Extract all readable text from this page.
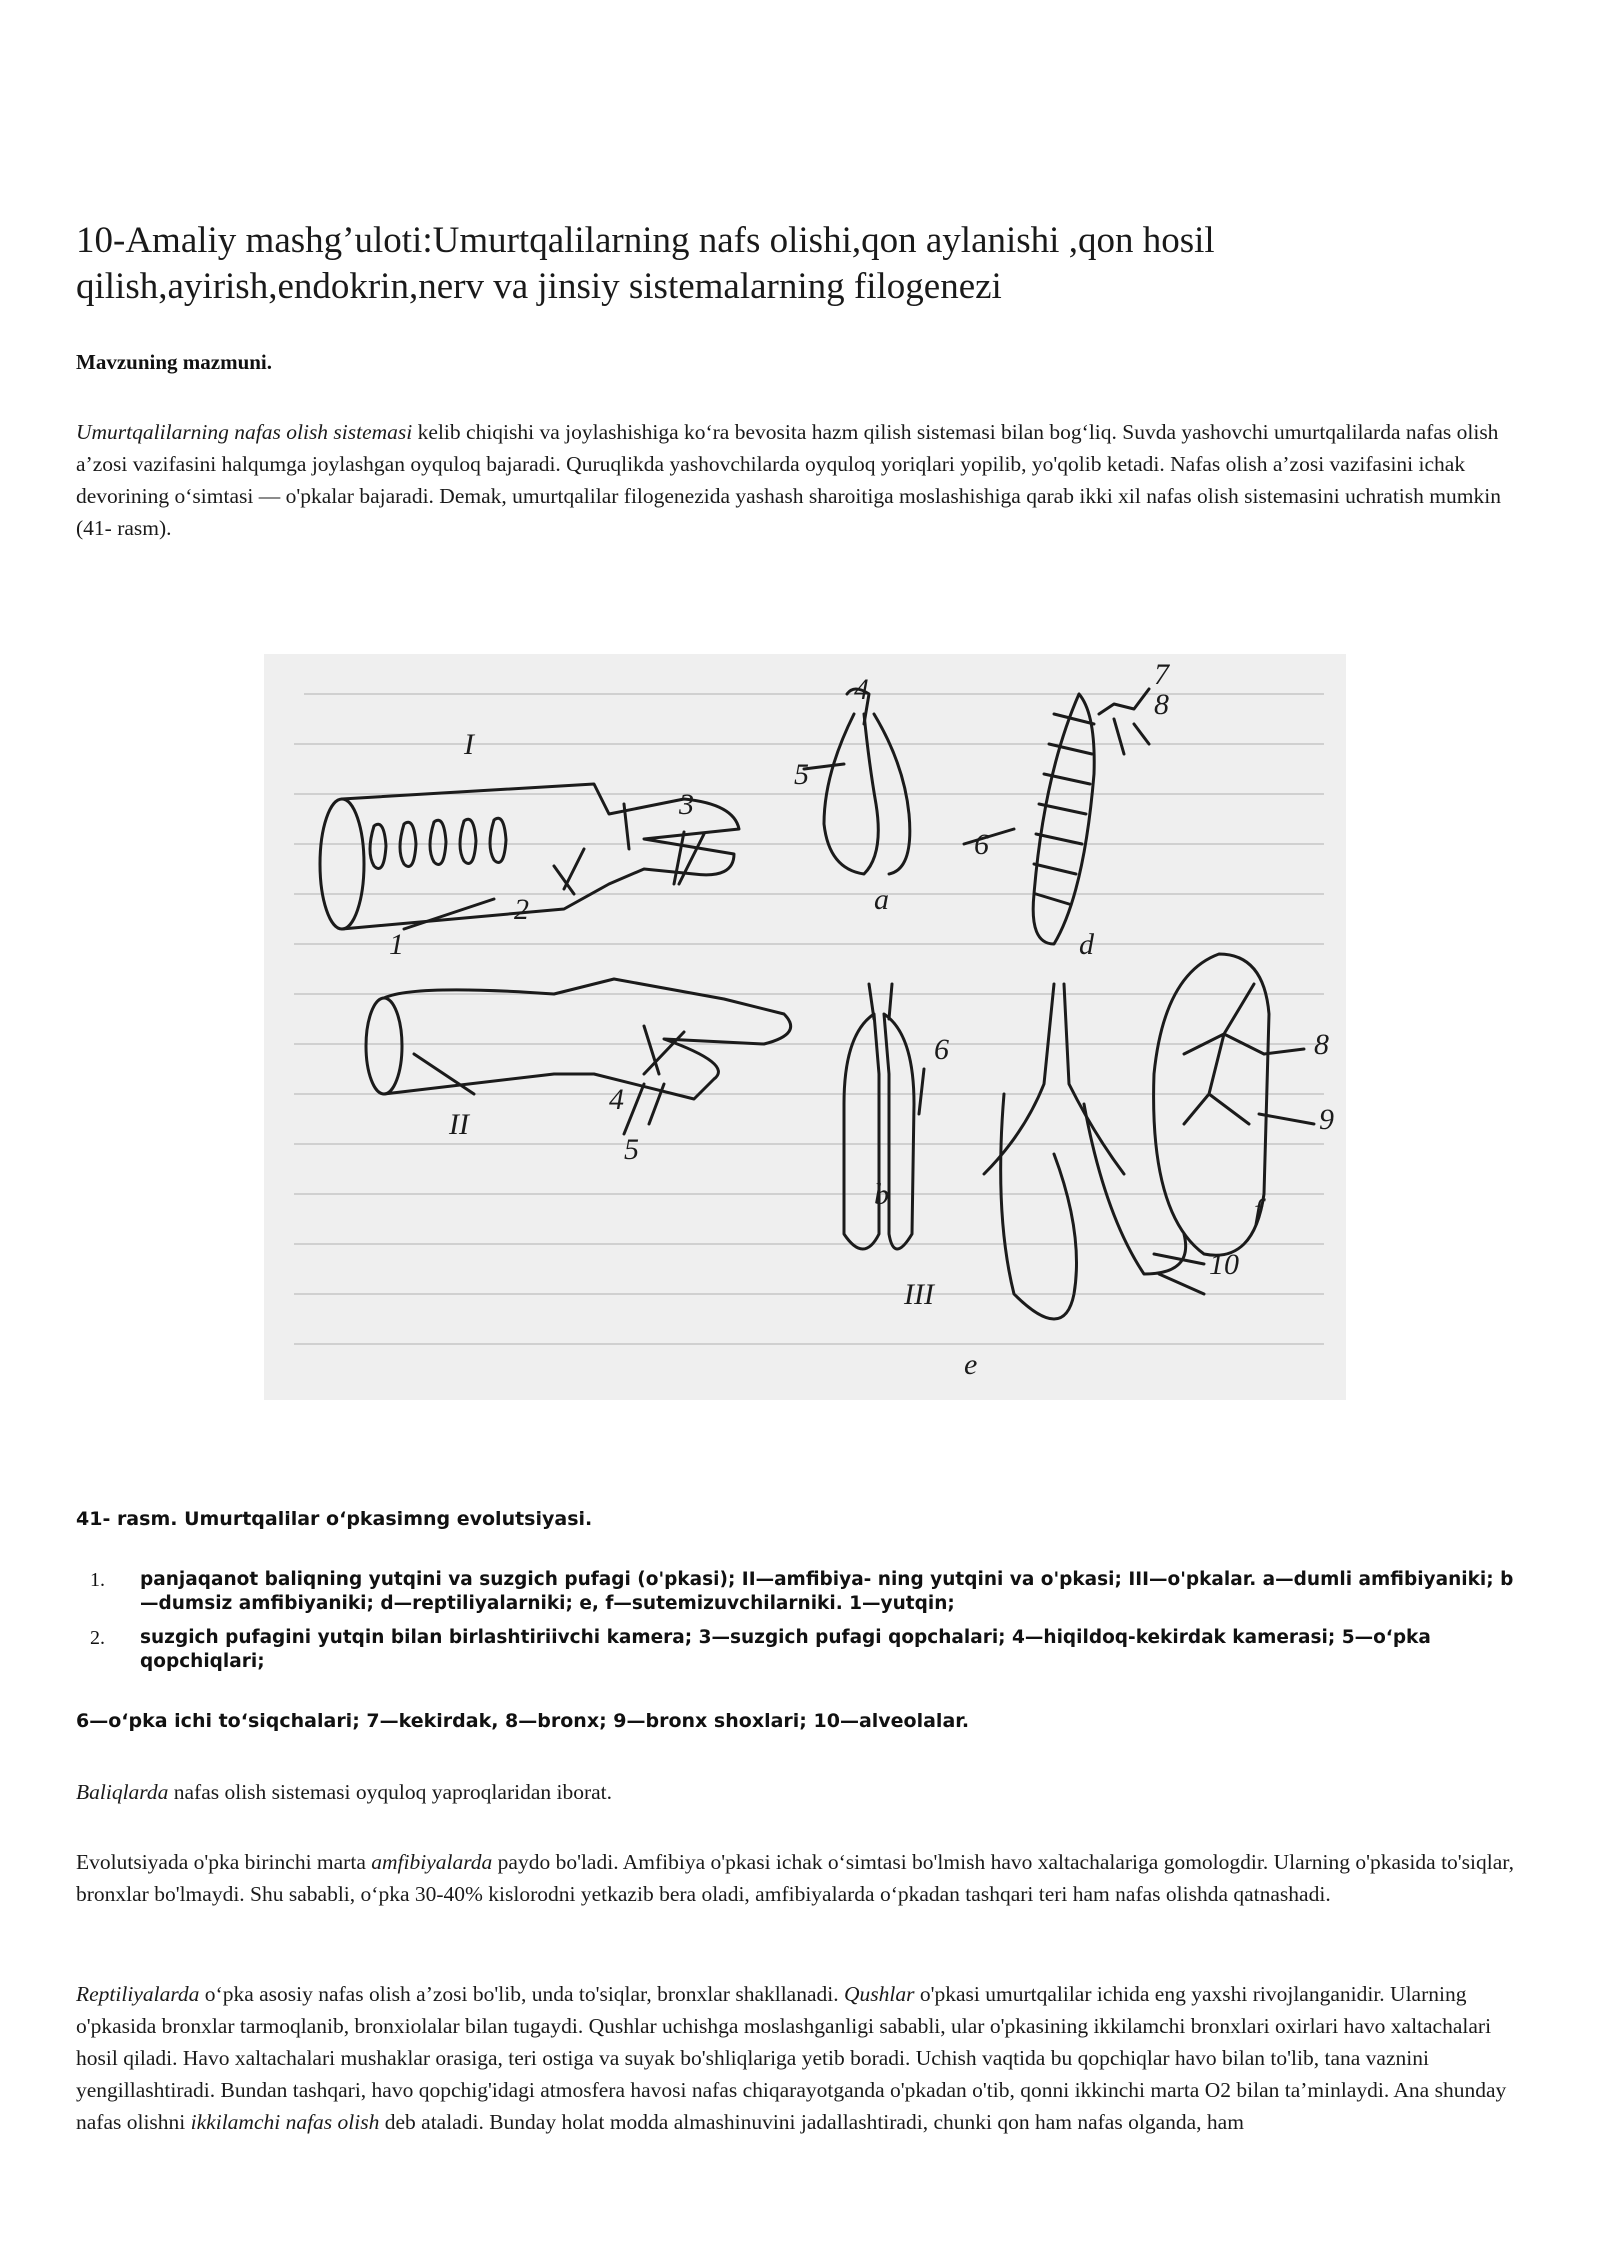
10-Amaliy mashg’uloti:Umurtqalilarning nafs olishi,qon aylanishi ,qon hosil qilish,ayirish,endokrin,nerv va jinsiy sistemalarning filogenezi
Mavzuning mazmuni.

Umurtqalilarning nafas olish sistemasi kelib chiqishi va joylashishiga ko‘ra bevosita hazm qilish sistemasi bilan bog‘liq. Suvda yashovchi umurtqalilarda nafas olish a’zosi vazifasini halqumga joylashgan oyquloq bajaradi. Quruqlikda yashovchilarda oyquloq yoriqlari yopilib, yo'qolib ketadi. Nafas olish a’zosi vazifasini ichak devorining o‘simtasi — o'pkalar bajaradi. Demak, umurtqalilar filogenezida yashash sharoitiga moslashishiga qarab ikki xil nafas olish sistemasini uchratish mumkin (41- rasm).

I
II
III
1
2
3
4
4
5
5
6
6
7
8
8
9
10
a
b
d
e
f

41- rasm. Umurtqalilar o‘pkasimng evolutsiyasi.

1. panjaqanot baliqning yutqini va suzgich pufagi (o'pkasi); II—amfibiya- ning yutqini va o'pkasi; III—o'pkalar. a—dumli amfibiyaniki; b—dumsiz amfibiyaniki; d—reptiliyalarniki; e, f—sutemizuvchilarniki. 1—yutqin;
2. suzgich pufagini yutqin bilan birlashtiriivchi kamera; 3—suzgich pufagi qopchalari; 4—hiqildoq-kekirdak kamerasi; 5—o‘pka qopchiqlari;

6—o‘pka ichi to‘siqchalari; 7—kekirdak, 8—bronx; 9—bronx shoxlari; 10—alveolalar.

Baliqlarda nafas olish sistemasi oyquloq yaproqlaridan iborat.

Evolutsiyada o'pka birinchi marta amfibiyalarda paydo bo'ladi. Amfibiya o'pkasi ichak o‘simtasi bo'lmish havo xaltachalariga gomologdir. Ularning o'pkasida to'siqlar, bronxlar bo'lmaydi. Shu sababli, o‘pka 30-40% kislorodni yetkazib bera oladi, amfibiyalarda o‘pkadan tashqari teri ham nafas olishda qatnashadi.

Reptiliyalarda o‘pka asosiy nafas olish a’zosi bo'lib, unda to'siqlar, bronxlar shakllanadi. Qushlar o'pkasi umurtqalilar ichida eng yaxshi rivojlanganidir. Ularning o'pkasida bronxlar tarmoqlanib, bronxiolalar bilan tugaydi. Qushlar uchishga moslashganligi sababli, ular o'pkasining ikkilamchi bronxlari oxirlari havo xaltachalari hosil qiladi. Havo xaltachalari mushaklar orasiga, teri ostiga va suyak bo'shliqlariga yetib boradi. Uchish vaqtida bu qopchiqlar havo bilan to'lib, tana vaznini yengillashtiradi. Bundan tashqari, havo qopchig'idagi atmosfera havosi nafas chiqarayotganda o'pkadan o'tib, qonni ikkinchi marta O2 bilan ta’minlaydi. Ana shunday nafas olishni ikkilamchi nafas olish deb ataladi. Bunday holat modda almashinuvini jadallashtiradi, chunki qon ham nafas olganda, ham
